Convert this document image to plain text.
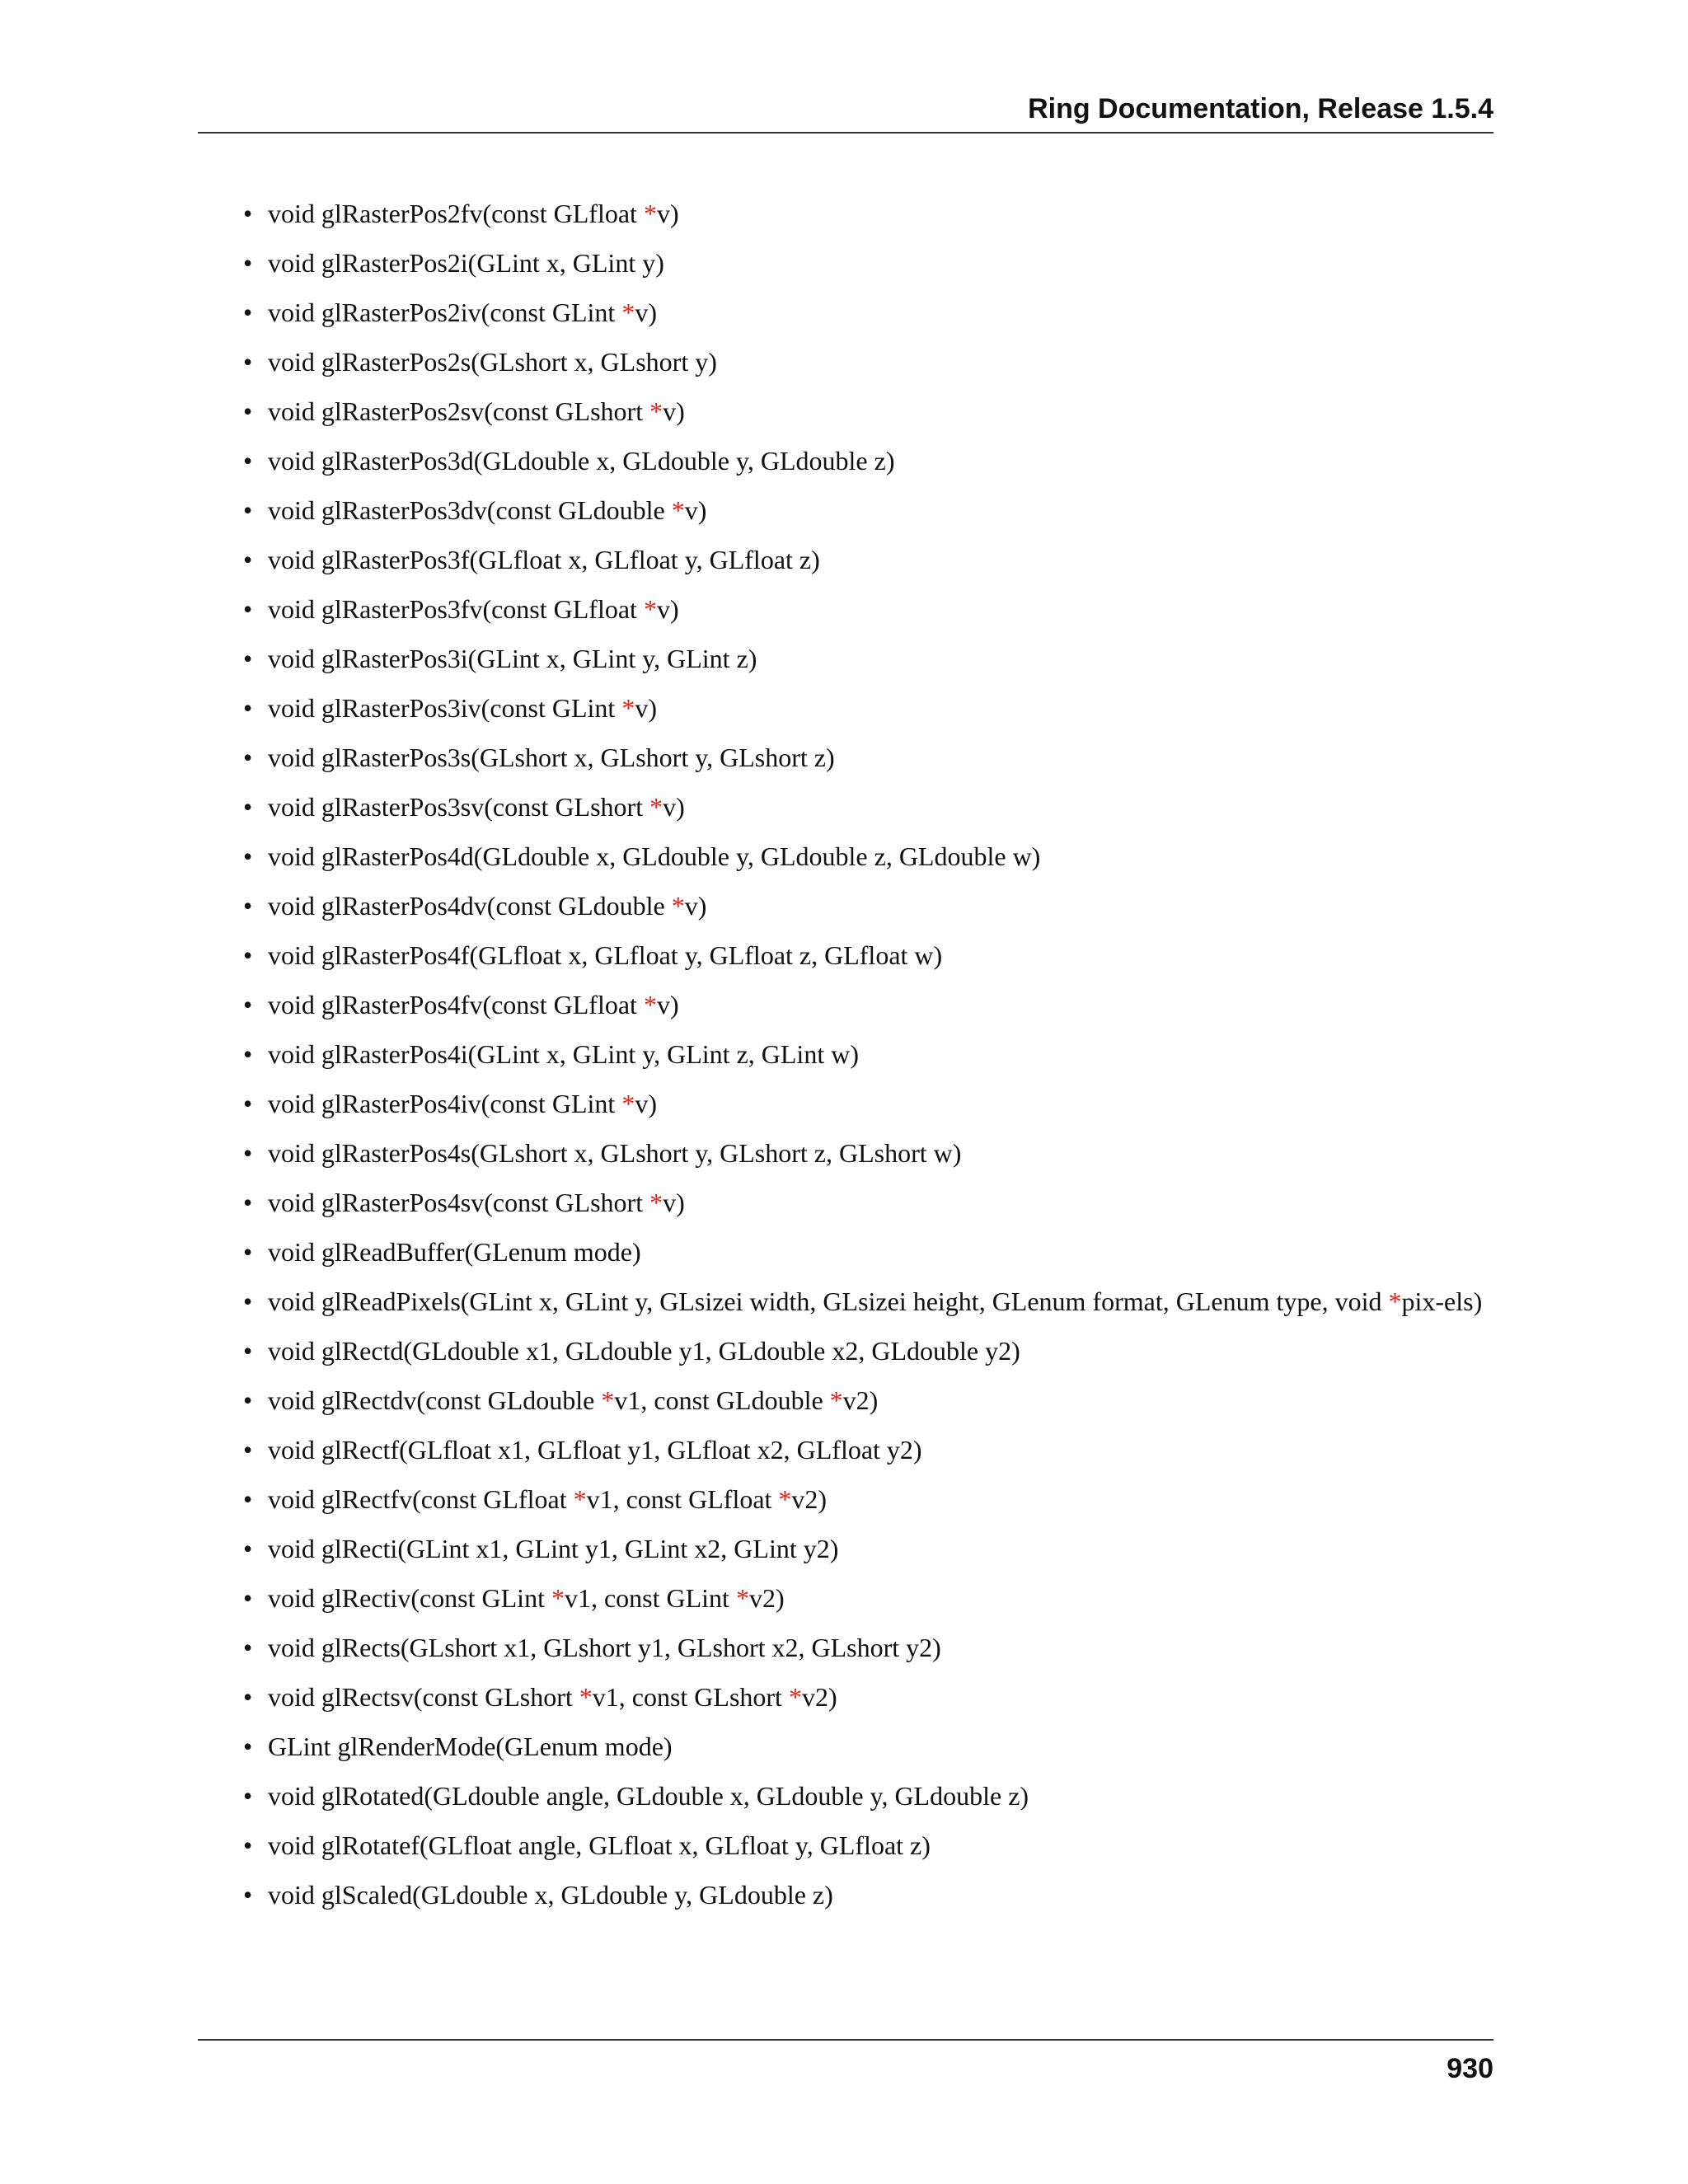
Ring Documentation, Release 1.5.4
• void glRasterPos2fv(const GLfloat *v)
• void glRasterPos2i(GLint x, GLint y)
• void glRasterPos2iv(const GLint *v)
• void glRasterPos2s(GLshort x, GLshort y)
• void glRasterPos2sv(const GLshort *v)
• void glRasterPos3d(GLdouble x, GLdouble y, GLdouble z)
• void glRasterPos3dv(const GLdouble *v)
• void glRasterPos3f(GLfloat x, GLfloat y, GLfloat z)
• void glRasterPos3fv(const GLfloat *v)
• void glRasterPos3i(GLint x, GLint y, GLint z)
• void glRasterPos3iv(const GLint *v)
• void glRasterPos3s(GLshort x, GLshort y, GLshort z)
• void glRasterPos3sv(const GLshort *v)
• void glRasterPos4d(GLdouble x, GLdouble y, GLdouble z, GLdouble w)
• void glRasterPos4dv(const GLdouble *v)
• void glRasterPos4f(GLfloat x, GLfloat y, GLfloat z, GLfloat w)
• void glRasterPos4fv(const GLfloat *v)
• void glRasterPos4i(GLint x, GLint y, GLint z, GLint w)
• void glRasterPos4iv(const GLint *v)
• void glRasterPos4s(GLshort x, GLshort y, GLshort z, GLshort w)
• void glRasterPos4sv(const GLshort *v)
• void glReadBuffer(GLenum mode)
• void glReadPixels(GLint x, GLint y, GLsizei width, GLsizei height, GLenum format, GLenum type, void *pix-els)
• void glRectd(GLdouble x1, GLdouble y1, GLdouble x2, GLdouble y2)
• void glRectdv(const GLdouble *v1, const GLdouble *v2)
• void glRectf(GLfloat x1, GLfloat y1, GLfloat x2, GLfloat y2)
• void glRectfv(const GLfloat *v1, const GLfloat *v2)
• void glRecti(GLint x1, GLint y1, GLint x2, GLint y2)
• void glRectiv(const GLint *v1, const GLint *v2)
• void glRects(GLshort x1, GLshort y1, GLshort x2, GLshort y2)
• void glRectsv(const GLshort *v1, const GLshort *v2)
• GLint glRenderMode(GLenum mode)
• void glRotated(GLdouble angle, GLdouble x, GLdouble y, GLdouble z)
• void glRotatef(GLfloat angle, GLfloat x, GLfloat y, GLfloat z)
• void glScaled(GLdouble x, GLdouble y, GLdouble z)
930
